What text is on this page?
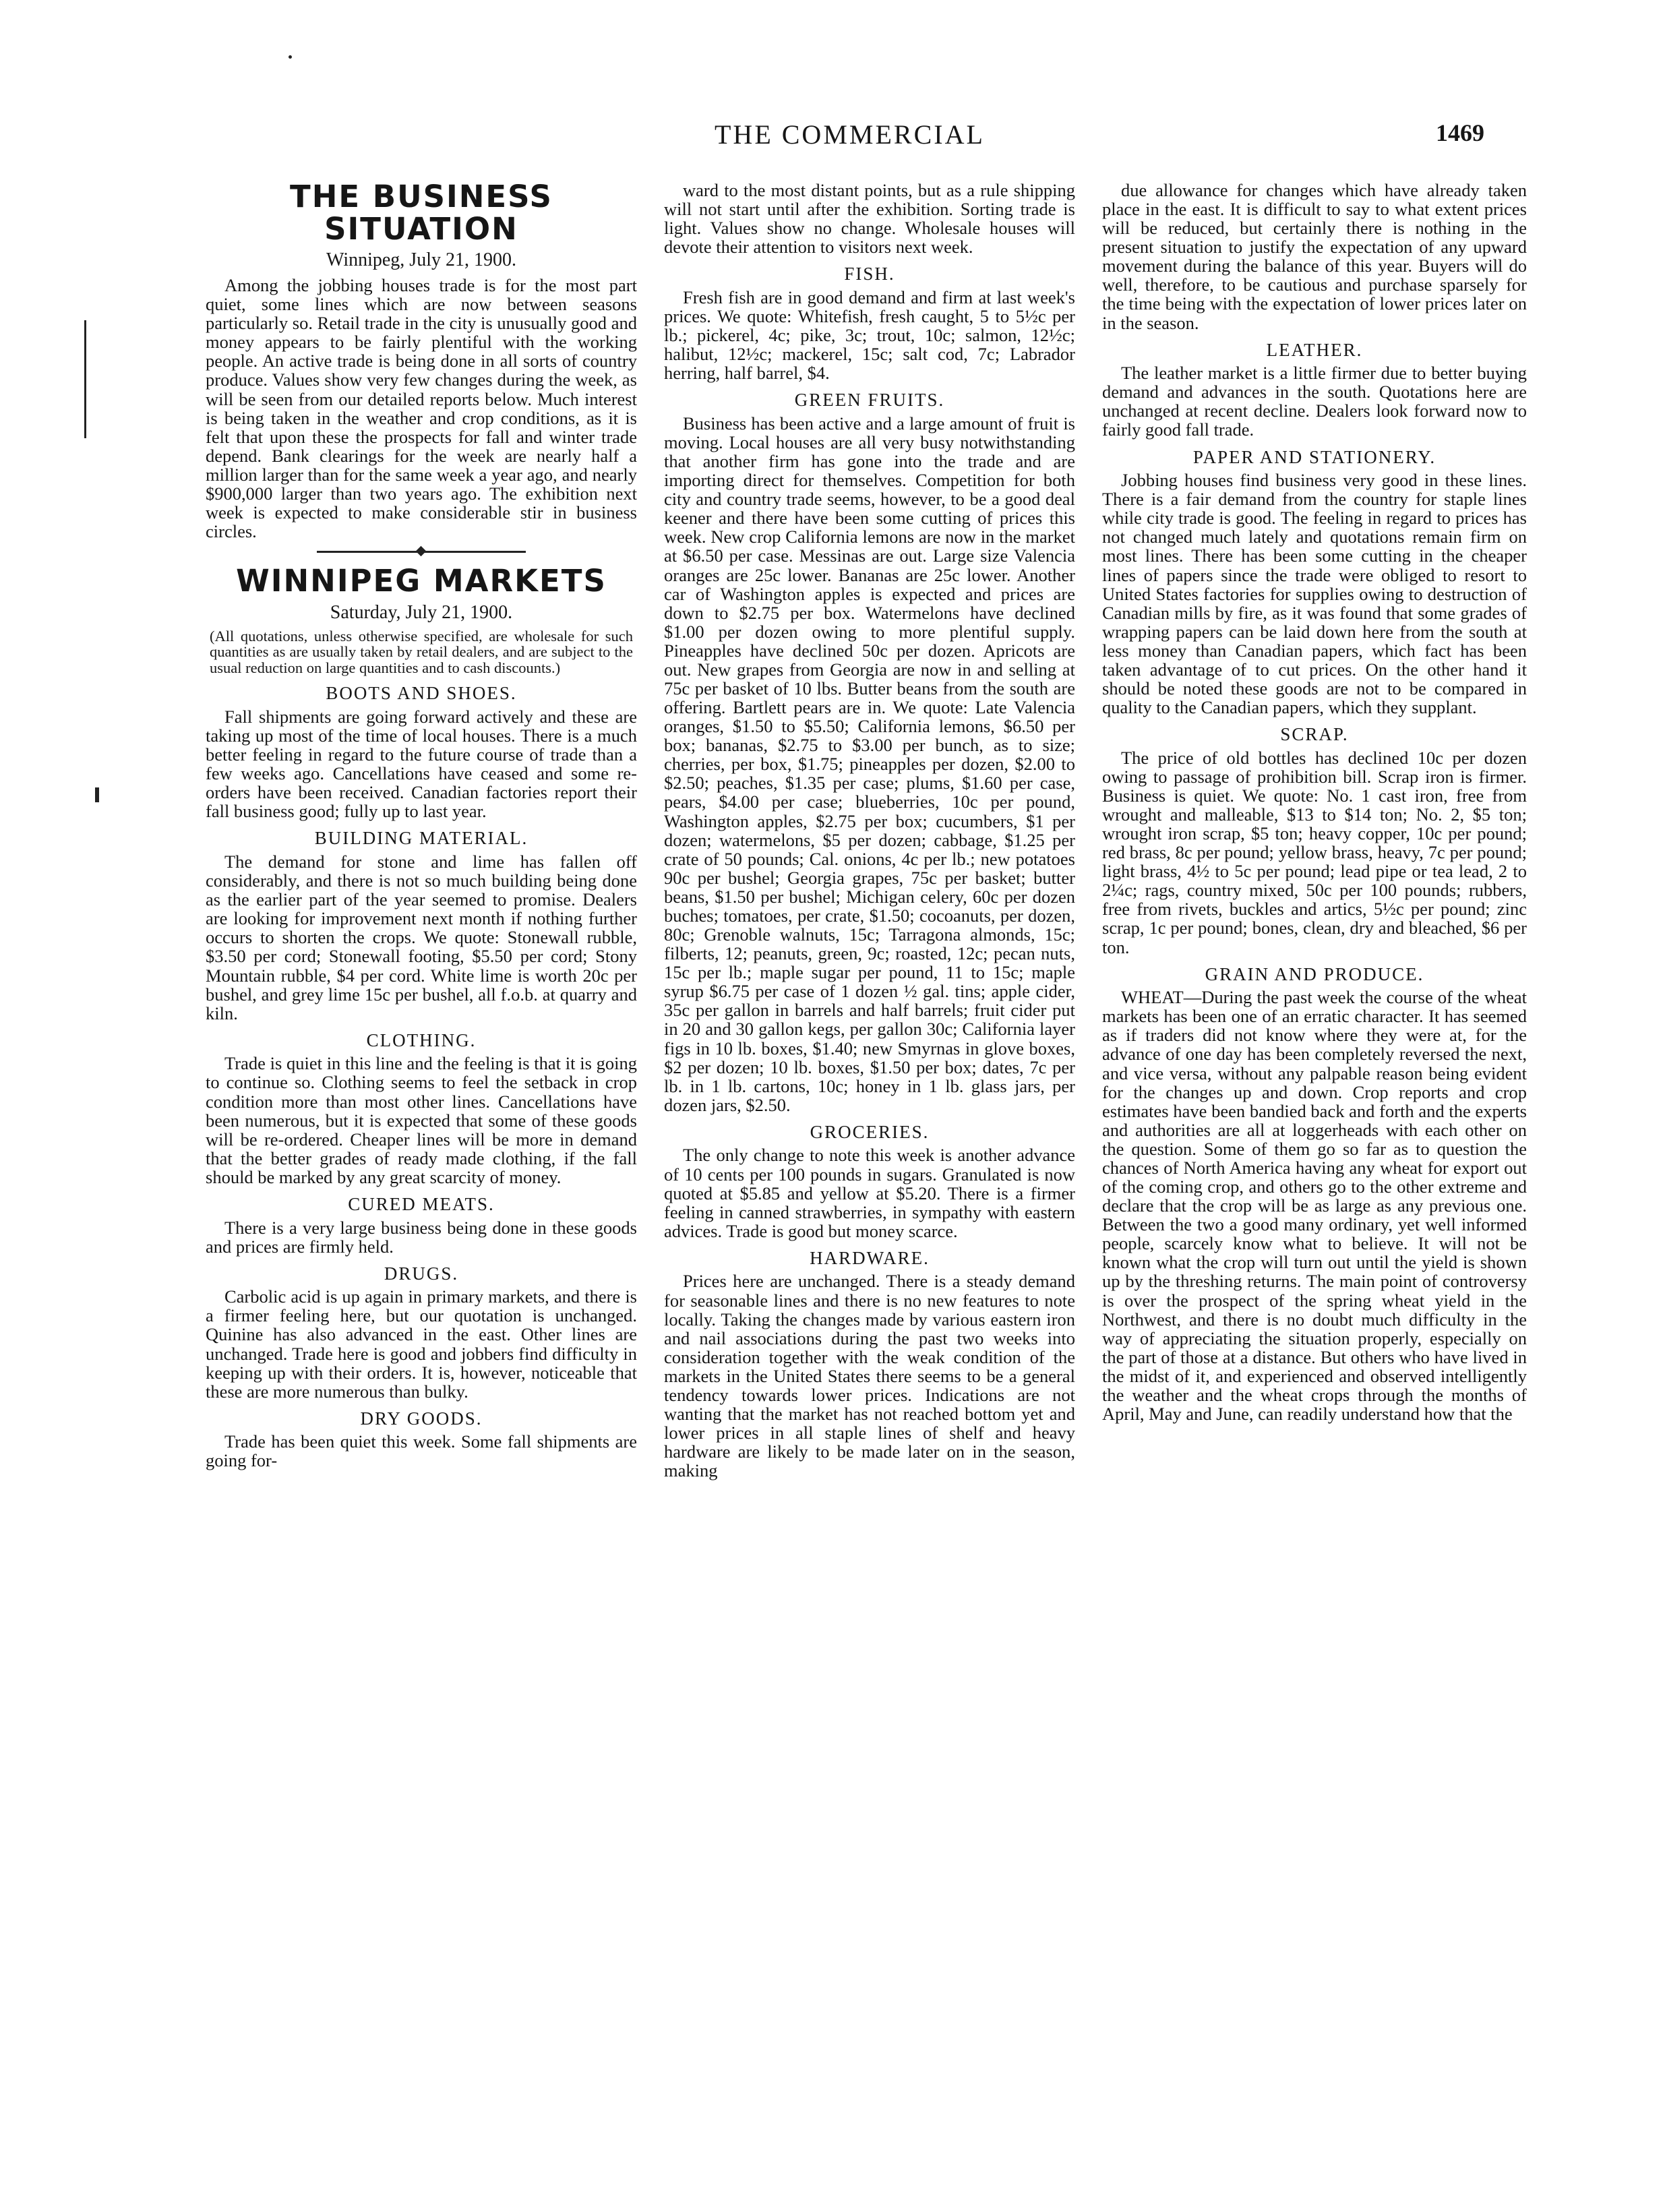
THE COMMERCIAL	1469
THE BUSINESS SITUATION
Winnipeg, July 21, 1900.

Among the jobbing houses trade is for the most part quiet, some lines which are now between seasons particularly so. Retail trade in the city is unusually good and money appears to be fairly plentiful with the working people. An active trade is being done in all sorts of country produce. Values show very few changes during the week, as will be seen from our detailed reports below. Much interest is being taken in the weather and crop conditions, as it is felt that upon these the prospects for fall and winter trade depend. Bank clearings for the week are nearly half a million larger than for the same week a year ago, and nearly $900,000 larger than two years ago. The exhibition next week is expected to make considerable stir in business circles.

WINNIPEG MARKETS
Saturday, July 21, 1900.
(All quotations, unless otherwise specified, are wholesale for such quantities as are usually taken by retail dealers, and are subject to the usual reduction on large quantities and to cash discounts.)
BOOTS AND SHOES.

Fall shipments are going forward actively and these are taking up most of the time of local houses. There is a much better feeling in regard to the future course of trade than a few weeks ago. Cancellations have ceased and some re-orders have been received. Canadian factories report their fall business good; fully up to last year.

BUILDING MATERIAL.

The demand for stone and lime has fallen off considerably, and there is not so much building being done as the earlier part of the year seemed to promise. Dealers are looking for improvement next month if nothing further occurs to shorten the crops. We quote: Stonewall rubble, $3.50 per cord; Stonewall footing, $5.50 per cord; Stony Mountain rubble, $4 per cord. White lime is worth 20c per bushel, and grey lime 15c per bushel, all f.o.b. at quarry and kiln.

CLOTHING.

Trade is quiet in this line and the feeling is that it is going to continue so. Clothing seems to feel the setback in crop condition more than most other lines. Cancellations have been numerous, but it is expected that some of these goods will be re-ordered. Cheaper lines will be more in demand that the better grades of ready made clothing, if the fall should be marked by any great scarcity of money.

CURED MEATS.

There is a very large business being done in these goods and prices are firmly held.

DRUGS.

Carbolic acid is up again in primary markets, and there is a firmer feeling here, but our quotation is unchanged. Quinine has also advanced in the east. Other lines are unchanged. Trade here is good and jobbers find difficulty in keeping up with their orders. It is, however, noticeable that these are more numerous than bulky.

DRY GOODS.

Trade has been quiet this week. Some fall shipments are going for-

ward to the most distant points, but as a rule shipping will not start until after the exhibition. Sorting trade is light. Values show no change. Wholesale houses will devote their attention to visitors next week.

FISH.

Fresh fish are in good demand and firm at last week's prices. We quote: Whitefish, fresh caught, 5 to 5½c per lb.; pickerel, 4c; pike, 3c; trout, 10c; salmon, 12½c; halibut, 12½c; mackerel, 15c; salt cod, 7c; Labrador herring, half barrel, $4.

GREEN FRUITS.

Business has been active and a large amount of fruit is moving. Local houses are all very busy notwithstanding that another firm has gone into the trade and are importing direct for themselves. Competition for both city and country trade seems, however, to be a good deal keener and there have been some cutting of prices this week. New crop California lemons are now in the market at $6.50 per case. Messinas are out. Large size Valencia oranges are 25c lower. Bananas are 25c lower. Another car of Washington apples is expected and prices are down to $2.75 per box. Watermelons have declined $1.00 per dozen owing to more plentiful supply. Pineapples have declined 50c per dozen. Apricots are out. New grapes from Georgia are now in and selling at 75c per basket of 10 lbs. Butter beans from the south are offering. Bartlett pears are in. We quote: Late Valencia oranges, $1.50 to $5.50; California lemons, $6.50 per box; bananas, $2.75 to $3.00 per bunch, as to size; cherries, per box, $1.75; pineapples per dozen, $2.00 to $2.50; peaches, $1.35 per case; plums, $1.60 per case, pears, $4.00 per case; blueberries, 10c per pound, Washington apples, $2.75 per box; cucumbers, $1 per dozen; watermelons, $5 per dozen; cabbage, $1.25 per crate of 50 pounds; Cal. onions, 4c per lb.; new potatoes 90c per bushel; Georgia grapes, 75c per basket; butter beans, $1.50 per bushel; Michigan celery, 60c per dozen buches; tomatoes, per crate, $1.50; cocoanuts, per dozen, 80c; Grenoble walnuts, 15c; Tarragona almonds, 15c; filberts, 12; peanuts, green, 9c; roasted, 12c; pecan nuts, 15c per lb.; maple sugar per pound, 11 to 15c; maple syrup $6.75 per case of 1 dozen ½ gal. tins; apple cider, 35c per gallon in barrels and half barrels; fruit cider put in 20 and 30 gallon kegs, per gallon 30c; California layer figs in 10 lb. boxes, $1.40; new Smyrnas in glove boxes, $2 per dozen; 10 lb. boxes, $1.50 per box; dates, 7c per lb. in 1 lb. cartons, 10c; honey in 1 lb. glass jars, per dozen jars, $2.50.

GROCERIES.

The only change to note this week is another advance of 10 cents per 100 pounds in sugars. Granulated is now quoted at $5.85 and yellow at $5.20. There is a firmer feeling in canned strawberries, in sympathy with eastern advices. Trade is good but money scarce.

HARDWARE.

Prices here are unchanged. There is a steady demand for seasonable lines and there is no new features to note locally. Taking the changes made by various eastern iron and nail associations during the past two weeks into consideration together with the weak condition of the markets in the United States there seems to be a general tendency towards lower prices. Indications are not wanting that the market has not reached bottom yet and lower prices in all staple lines of shelf and heavy hardware are likely to be made later on in the season, making

due allowance for changes which have already taken place in the east. It is difficult to say to what extent prices will be reduced, but certainly there is nothing in the present situation to justify the expectation of any upward movement during the balance of this year. Buyers will do well, therefore, to be cautious and purchase sparsely for the time being with the expectation of lower prices later on in the season.

LEATHER.

The leather market is a little firmer due to better buying demand and advances in the south. Quotations here are unchanged at recent decline. Dealers look forward now to fairly good fall trade.

PAPER AND STATIONERY.

Jobbing houses find business very good in these lines. There is a fair demand from the country for staple lines while city trade is good. The feeling in regard to prices has not changed much lately and quotations remain firm on most lines. There has been some cutting in the cheaper lines of papers since the trade were obliged to resort to United States factories for supplies owing to destruction of Canadian mills by fire, as it was found that some grades of wrapping papers can be laid down here from the south at less money than Canadian papers, which fact has been taken advantage of to cut prices. On the other hand it should be noted these goods are not to be compared in quality to the Canadian papers, which they supplant.

SCRAP.

The price of old bottles has declined 10c per dozen owing to passage of prohibition bill. Scrap iron is firmer. Business is quiet. We quote: No. 1 cast iron, free from wrought and malleable, $13 to $14 ton; No. 2, $5 ton; wrought iron scrap, $5 ton; heavy copper, 10c per pound; red brass, 8c per pound; yellow brass, heavy, 7c per pound; light brass, 4½ to 5c per pound; lead pipe or tea lead, 2 to 2¼c; rags, country mixed, 50c per 100 pounds; rubbers, free from rivets, buckles and artics, 5½c per pound; zinc scrap, 1c per pound; bones, clean, dry and bleached, $6 per ton.

GRAIN AND PRODUCE.

WHEAT—During the past week the course of the wheat markets has been one of an erratic character. It has seemed as if traders did not know where they were at, for the advance of one day has been completely reversed the next, and vice versa, without any palpable reason being evident for the changes up and down. Crop reports and crop estimates have been bandied back and forth and the experts and authorities are all at loggerheads with each other on the question. Some of them go so far as to question the chances of North America having any wheat for export out of the coming crop, and others go to the other extreme and declare that the crop will be as large as any previous one. Between the two a good many ordinary, yet well informed people, scarcely know what to believe. It will not be known what the crop will turn out until the yield is shown up by the threshing returns. The main point of controversy is over the prospect of the spring wheat yield in the Northwest, and there is no doubt much difficulty in the way of appreciating the situation properly, especially on the part of those at a distance. But others who have lived in the midst of it, and experienced and observed intelligently the weather and the wheat crops through the months of April, May and June, can readily understand how that the
